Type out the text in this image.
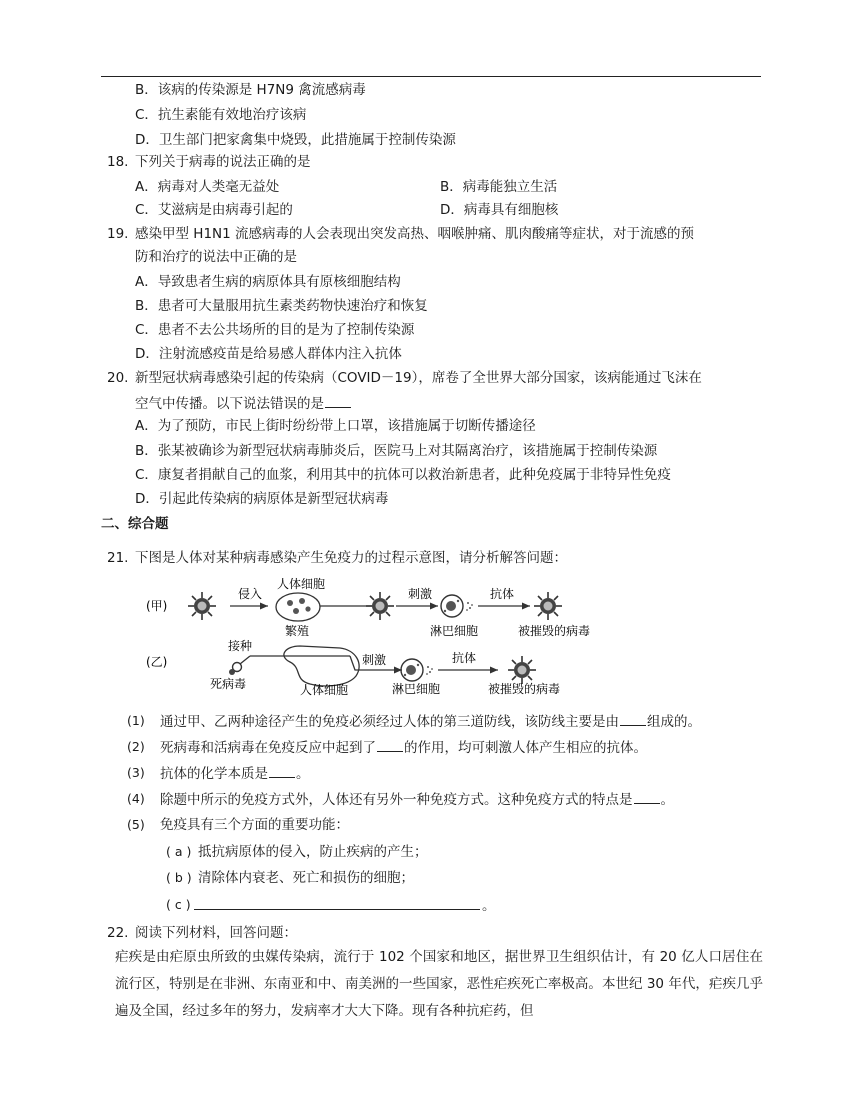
B．该病的传染源是 H7N9 禽流感病毒
C．抗生素能有效地治疗该病
D．卫生部门把家禽集中烧毁，此措施属于控制传染源
18. 下列关于病毒的说法正确的是
A．病毒对人类毫无益处	B．病毒能独立生活
C．艾滋病是由病毒引起的	D．病毒具有细胞核
19. 感染甲型 H1N1 流感病毒的人会表现出突发高热、咽喉肿痛、肌肉酸痛等症状，对于流感的预
防和治疗的说法中正确的是
A．导致患者生病的病原体具有原核细胞结构
B．患者可大量服用抗生素类药物快速治疗和恢复
C．患者不去公共场所的目的是为了控制传染源
D．注射流感疫苗是给易感人群体内注入抗体
20. 新型冠状病毒感染引起的传染病（COVID－19），席卷了全世界大部分国家，该病能通过飞沫在
空气中传播。以下说法错误的是
A．为了预防，市民上街时纷纷带上口罩，该措施属于切断传播途径
B．张某被确诊为新型冠状病毒肺炎后，医院马上对其隔离治疗，该措施属于控制传染源
C．康复者捐献自己的血浆，利用其中的抗体可以救治新患者，此种免疫属于非特异性免疫
D．引起此传染病的病原体是新型冠状病毒
二、综合题
21. 下图是人体对某种病毒感染产生免疫力的过程示意图，请分析解答问题：
(甲)
侵入
人体细胞
繁殖
刺激
淋巴细胞
抗体
被摧毁的病毒
接种
(乙)
死病毒	人体细胞
刺激
淋巴细胞
抗体
被摧毁的病毒
(1) 通过甲、乙两种途径产生的免疫必须经过人体的第三道防线，该防线主要是由 组成的。
(2) 死病毒和活病毒在免疫反应中起到了 的作用，均可刺激人体产生相应的抗体。
(3) 抗体的化学本质是 。
(4) 除题中所示的免疫方式外，人体还有另外一种免疫方式。这种免疫方式的特点是 。
(5) 免疫具有三个方面的重要功能：
( a ) 抵抗病原体的侵入，防止疾病的产生；
( b ) 清除体内衰老、死亡和损伤的细胞；
( c )	。
22. 阅读下列材料，回答问题：
疟疾是由疟原虫所致的虫媒传染病，流行于 102 个国家和地区，据世界卫生组织估计，有 20 亿人口居住在流行区，特别是在非洲、东南亚和中、南美洲的一些国家，恶性疟疾死亡率极高。本世纪 30 年代，疟疾几乎遍及全国，经过多年的努力，发病率才大大下降。现有各种抗疟药，但
